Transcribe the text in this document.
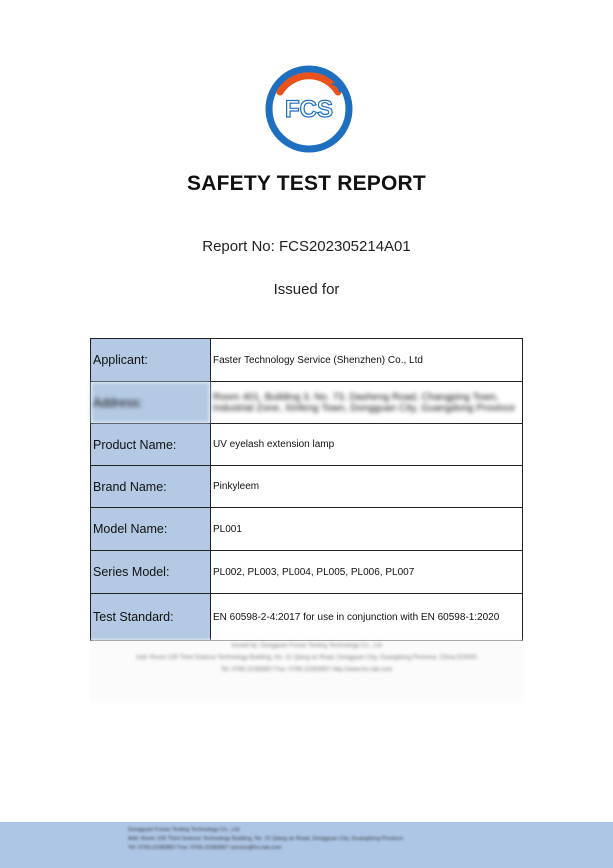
FCS
SAFETY TEST REPORT
Report No: FCS202305214A01
Issued for
Applicant:	Faster Technology Service (Shenzhen) Co., Ltd
Address:	Room 401, Building 3, No. 73, Dasheng Road, Changping Town, Industrial Zone, Xinfeng Town, Dongguan City, Guangdong Province
Product Name:	UV eyelash extension lamp
Brand Name:	Pinkyleem
Model Name:	PL001
Series Model:	PL002, PL003, PL004, PL005, PL006, PL007
Test Standard:	EN 60598-2-4:2017 for use in conjunction with EN 60598-1:2020
Issued by: Dongguan Funao Testing Technology Co., Ltd
Add: Room 105 Third Science Technology Building, No. 21 Qiang an Road, Dongguan City, Guangdong Province, China 523000
Tel: 0769-22383857 Fax: 0769-22383857 http://www.fcs-lab.com
Dongguan Funao Testing Technology Co., Ltd
Add: Room 105 Third Science Technology Building, No. 21 Qiang an Road, Dongguan City, Guangdong Province
Tel: 0769-22383857 Fax: 0769-22383857 service@fcs-lab.com
